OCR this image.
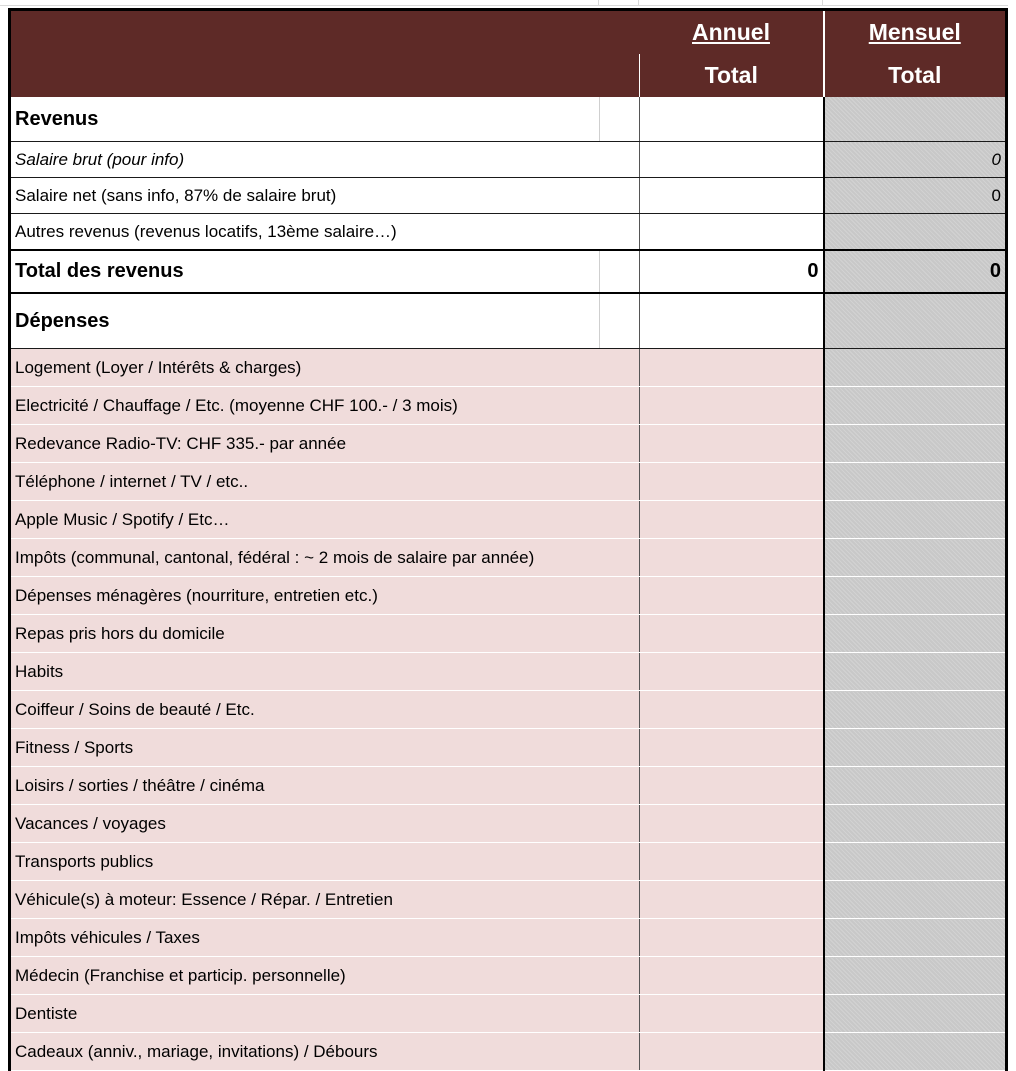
		Annuel	Mensuel
		Total	Total
Revenus			
Salaire brut (pour info)			0
Salaire net (sans info, 87% de salaire brut)			0
Autres revenus (revenus locatifs, 13ème salaire…)			
Total des revenus		0	0
Dépenses			
Logement (Loyer / Intérêts & charges)			
Electricité / Chauffage / Etc. (moyenne CHF 100.- / 3 mois)			
Redevance Radio-TV: CHF 335.- par année			
Téléphone / internet / TV / etc..			
Apple Music / Spotify / Etc…			
Impôts (communal, cantonal, fédéral : ~ 2 mois de salaire par année)			
Dépenses ménagères (nourriture, entretien etc.)			
Repas pris hors du domicile			
Habits			
Coiffeur / Soins de beauté / Etc.			
Fitness / Sports			
Loisirs / sorties / théâtre / cinéma			
Vacances / voyages			
Transports publics			
Véhicule(s) à moteur: Essence / Répar. / Entretien			
Impôts véhicules / Taxes			
Médecin (Franchise et particip. personnelle)			
Dentiste			
Cadeaux (anniv., mariage, invitations) / Débours			
